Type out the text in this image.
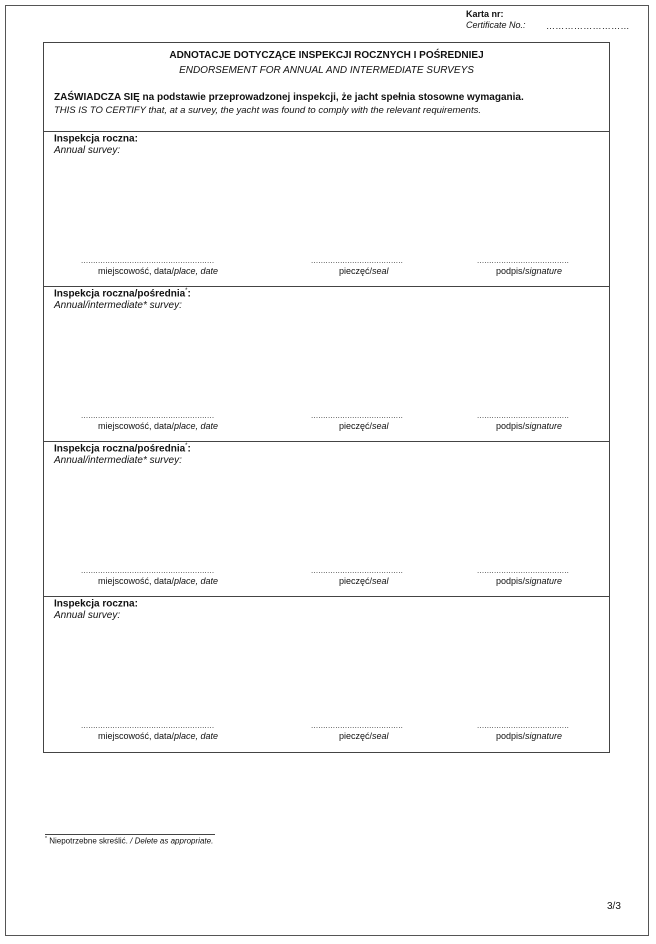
Karta nr:
Certificate No.: ………………………
ADNOTACJE DOTYCZĄCE INSPEKCJI ROCZNYCH I POŚREDNIEJ
ENDORSEMENT FOR ANNUAL AND INTERMEDIATE SURVEYS
ZAŚWIADCZA SIĘ na podstawie przeprowadzonej inspekcji, że jacht spełnia stosowne wymagania.
THIS IS TO CERTIFY that, at a survey, the yacht was found to comply with the relevant requirements.
Inspekcja roczna:
Annual survey:
.......................................................	......................................	......................................
miejscowość, data/place, date	pieczęć/seal	podpis/signature
Inspekcja roczna/pośrednia*:
Annual/intermediate* survey:
.......................................................	......................................	......................................
miejscowość, data/place, date	pieczęć/seal	podpis/signature
Inspekcja roczna/pośrednia*:
Annual/intermediate* survey:
.......................................................	......................................	......................................
miejscowość, data/place, date	pieczęć/seal	podpis/signature
Inspekcja roczna:
Annual survey:
.......................................................	......................................	......................................
miejscowość, data/place, date	pieczęć/seal	podpis/signature
* Niepotrzebne skreślić. / Delete as appropriate.
3/3
